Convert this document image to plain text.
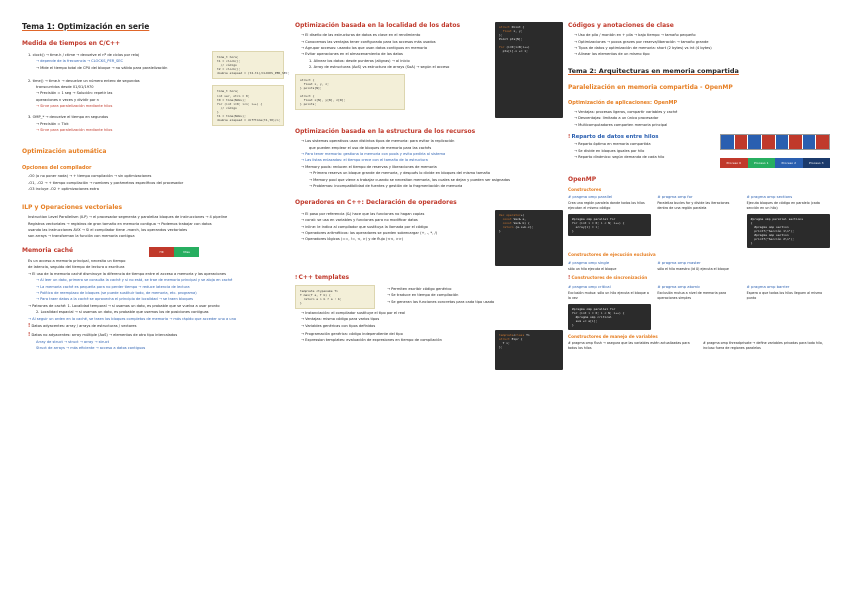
Tema 1: Optimización en serie
Medida de tiempos en C/C++
1. clock() → time.h / ctime → devuelve el nº de ciclos por reloj
→ depende de la frecuencia → CLOCKS_PER_SEC
→ Mide el tiempo total de CPU del bloque → no válido para paralelización
2. time() → time.h → devuelve un número entero de segundos
transcurridos desde 01/01/1970
→ Precisión = 1 seg → Solución: repetir las
operaciones n veces y dividir por n
→ Sirve para paralelización mediante hilos
3. OMP_* → devuelve el tiempo en segundos
→ Precisión = Tick
→ Sirve para paralelización mediante hilos
time_t hora;
t1 = clock();
// código
t2 = clock();
double elapsed = (t2-t1)/CLOCKS_PER_SEC;
time_t hora;
int ver, otro = 0;
t0 = time(NULL);
for (int i=0; i<n; i++) {
// código
}
t1 = time(NULL);
double elapsed = difftime(t1,t0)/n;
Optimización automática
Opciones del compilador
-O0 (o no poner nada) → + tiempo compilación → sin optimizaciones
-O1, -O2 → + tiempo compilación → nombres y parámetros específicos del procesador
-O3 incluye -O2 + optimizaciones extra
ILP y Operaciones vectoriales
Instruction Level Parallelism (ILP) → el procesador segmenta y paraleliza bloques de instrucciones → 4 pipeline
Registros vectoriales → registros de gran tamaño en memoria contigua → Podemos trabajar con datos
usando las instrucciones AVX → Si el compilador tiene -march, los operandos vectoriales
son arrays → transforman la función con memoria contigua
Memoria caché	Hit	Miss
Es un acceso a memoria principal, necesita un tiempo
de latencia, seguido del tiempo de lectura o escritura
→ El uso de la memoria caché disminuye la diferencia de tiempo entre el acceso a memoria y las operaciones
→ Al leer un dato, primero se consulta la caché y si no está, se trae de memoria principal y se aloja en caché
→ La memoria caché es pequeña para no perder tiempo → reduce latencia de lectura
→ Política de reemplazo de bloques (se puede sustituir todo, de memoria, etc. programa)
→ Para traer datos a la caché se aprovecha el principio de localidad → se traen bloques
→ Patrones de caché: 1. Localidad temporal → si usamos un dato, es probable que se vuelva a usar pronto
2. Localidad espacial → si usamos un dato, es probable que usemos los de posiciones contiguas
→ Al seguir un orden en la caché, se traen los bloques completos de memoria → más rápido que acceder uno a uno
! Datos adyacentes: array / arrays de estructuras / vectores
! Datos no adyacentes: array múltiple (AoS) → elementos de otro tipo intercalados
Array de struct → struct → array → struct
Struct de arrays → más eficiente → acceso a datos contiguos
Optimización basada en la localidad de los datos
→ El diseño de las estructuras de datos es clave en el rendimiento
→ Conocemos las ventajas tener configurado para los accesos más usados
→ Agrupar accesos: usando los que usan datos contiguos en memoria
→ Evitar operaciones en el almacenamiento de los datos
1. Alinear los datos: desde punteros (alignas) → al inicio
2. Array de estructuras (AoS) vs estructura de arrays (SoA) → según el acceso
struct {
float x, y, z;
} points[N];

struct {
float x[N], y[N], z[N];
} points;
struct Point {
float x, y;
};
Point pts[N];

for (i=0;i<N;i++)
pts[i].x += 1;
Optimización basada en la estructura de los recursos
→ Los sistemas operativos usan distintos tipos de memoria: para evitar la replicación
que pueden emplear el uso de bloques de memoria para las cachés
→ Para tener memoria: gestiona la memoria con pools y evita pedirla al sistema
→ Las listas enlazadas: el tiempo crece con el tamaño de la estructura
→ Memory pools: reducen el tiempo de reservas y liberaciones de memoria
→ Primero reserva un bloque grande de memoria, y después lo divide en bloques del mismo tamaño
→ Memory pool que viene a trabajar cuando se necesitan memoria, las cuales se dejan y pueden ser asignadas
→ Problemas: incompatibilidad de fuentes y gestión de la fragmentación de memoria
Operadores en C++: Declaración de operadores
→ El paso por referencia (&) hace que las funciones no hagan copias
→ const: se usa en variables y funciones para no modificar datos
→ inline: le indica al compilador que sustituya la llamada por el código
→ Operadores aritméticos: los operadores se pueden sobrecargar (+, -, *, /)
→ Operadores lógicos (==, !=, <, >) y de flujo (<<, >>)
Vec operator+(
const Vec& a,
const Vec& b) {
return {a.x+b.x};
}
! C++ templates
template <typename T>
T max(T a, T b) {
return a > b ? a : b;
}
→ Permiten escribir código genérico
→ Se traduce en tiempo de compilación
→ Se generan las funciones concretas para cada tipo usado
→ Instanciación: el compilador sustituye el tipo por el real
→ Ventajas: mismo código para varios tipos
→ Variables genéricas con tipos definidos
→ Programación genérica: código independiente del tipo
→ Expression templates: evaluación de expresiones en tiempo de compilación
template<class T>
struct Expr {
T v;
};
Códigos y anotaciones de clase
→ Uso de pila / montón en + pila → bajo tiempo → tamaño pequeño
→ Optimizaciones → pocos graves por reserva/liberación → tamaño grande
→ Tipos de datos y optimización de memoria: short (2 bytes) vs int (4 bytes)
→ Alinear los elementos de un mismo tipo
Tema 2: Arquitecturas en memoria compartida
Paralelización en memoria compartida - OpenMP
Optimización de aplicaciones: OpenMP
→ Ventajas: procesos ligeros, compartir variables y caché
→ Desventajas: limitado a un único procesador
→ Multicomputadores comparten memoria principal
! Reparto de datos entre hilos
→ Reparto óptimo en memoria compartida
→ Se divide en bloques iguales por hilo
→ Reparto dinámico: según demanda de cada hilo
Proceso 0	Proceso 1	Proceso 2	Proceso 3
OpenMP
Constructores
# pragma omp parallel
Crea una región paralela donde todos los hilos ejecutan el mismo código
#pragma omp parallel for
for (int i = 0; i < N; i++) {
array[i] = i;
}
# pragma omp for
Paraleliza bucles for y divide las iteraciones dentro de una región paralela
# pragma omp sections
Ejecuta bloques de código en paralelo (cada sección en un hilo)
#pragma omp parallel sections
{
#pragma omp section
printf("Sección 1\n");
#pragma omp section
printf("Sección 2\n");
}
Constructores de ejecución exclusiva
# pragma omp single
sólo un hilo ejecuta el bloque
# pragma omp master
sólo el hilo maestro (id 0) ejecuta el bloque
! Constructores de sincronización
# pragma omp critical
Exclusión mutua: sólo un hilo ejecuta el bloque a la vez
#pragma omp parallel for
for (int i = 0; i < N; i++) {
#pragma omp critical
sum += a[i];
}
# pragma omp atomic
Exclusión mutua a nivel de memoria para operaciones simples
# pragma omp barrier
Espera a que todos los hilos lleguen al mismo punto
Constructores de manejo de variables
# pragma omp flush → asegura que las variables estén actualizadas para todos los hilos
# pragma omp threadprivate → define variables privadas para todo hilo, incluso fuera de regiones paralelas
